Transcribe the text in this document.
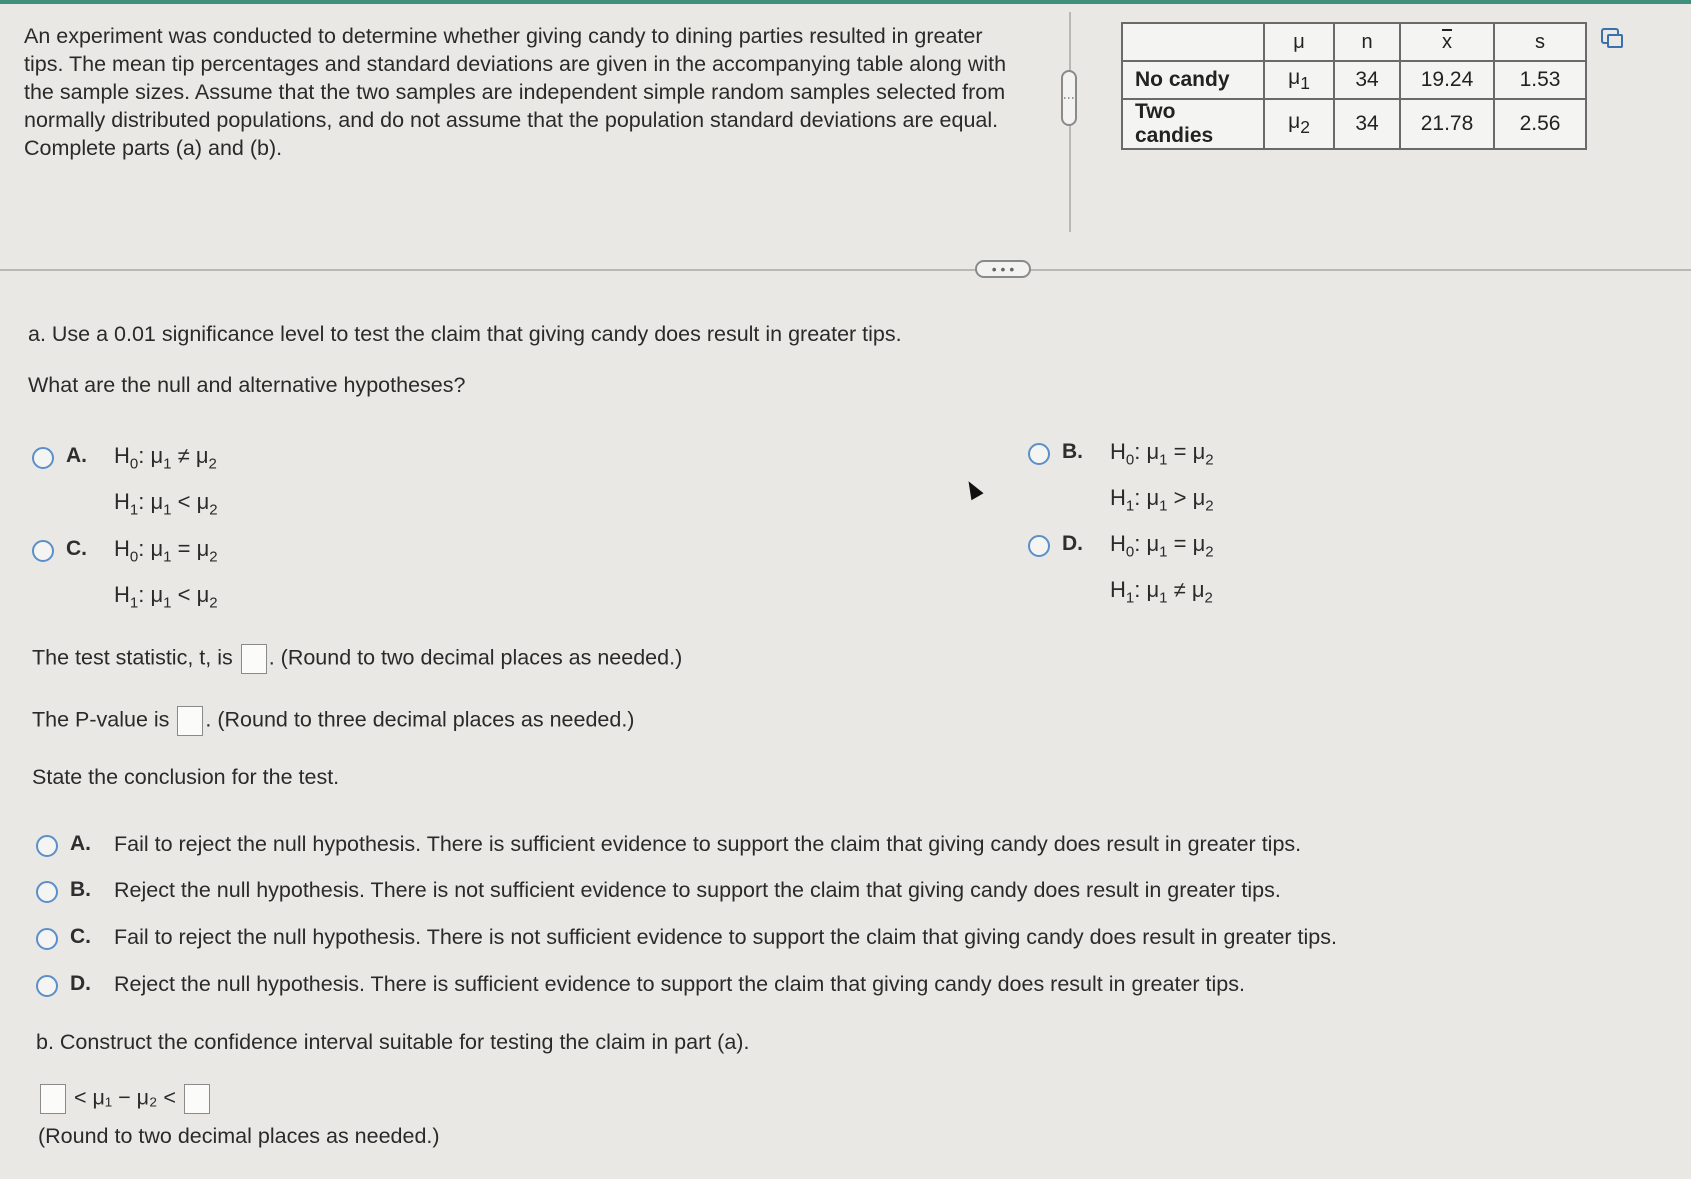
An experiment was conducted to determine whether giving candy to dining parties resulted in greater tips. The mean tip percentages and standard deviations are given in the accompanying table along with the sample sizes. Assume that the two samples are independent simple random samples selected from normally distributed populations, and do not assume that the population standard deviations are equal. Complete parts (a) and (b).
⋮
	μ	n	$\overline{x}$	s
No candy	$\mu_1$	34	19.24	1.53
Two candies	$\mu_2$	34	21.78	2.56
• • •
a. Use a 0.01 significance level to test the claim that giving candy does result in greater tips.
What are the null and alternative hypotheses?
A.	$H_0$: $\mu_1 \ne \mu_2$
$H_1$: $\mu_1 < \mu_2$
B.	$H_0$: $\mu_1 = \mu_2$
$H_1$: $\mu_1 > \mu_2$
C.	$H_0$: $\mu_1 = \mu_2$
$H_1$: $\mu_1 < \mu_2$
D.	$H_0$: $\mu_1 = \mu_2$
$H_1$: $\mu_1 \ne \mu_2$
The test statistic, t, is . (Round to two decimal places as needed.)
The P-value is . (Round to three decimal places as needed.)
State the conclusion for the test.
A.	Fail to reject the null hypothesis. There is sufficient evidence to support the claim that giving candy does result in greater tips.
B.	Reject the null hypothesis. There is not sufficient evidence to support the claim that giving candy does result in greater tips.
C.	Fail to reject the null hypothesis. There is not sufficient evidence to support the claim that giving candy does result in greater tips.
D.	Reject the null hypothesis. There is sufficient evidence to support the claim that giving candy does result in greater tips.
b. Construct the confidence interval suitable for testing the claim in part (a).
< μ₁ − μ₂ <
(Round to two decimal places as needed.)
